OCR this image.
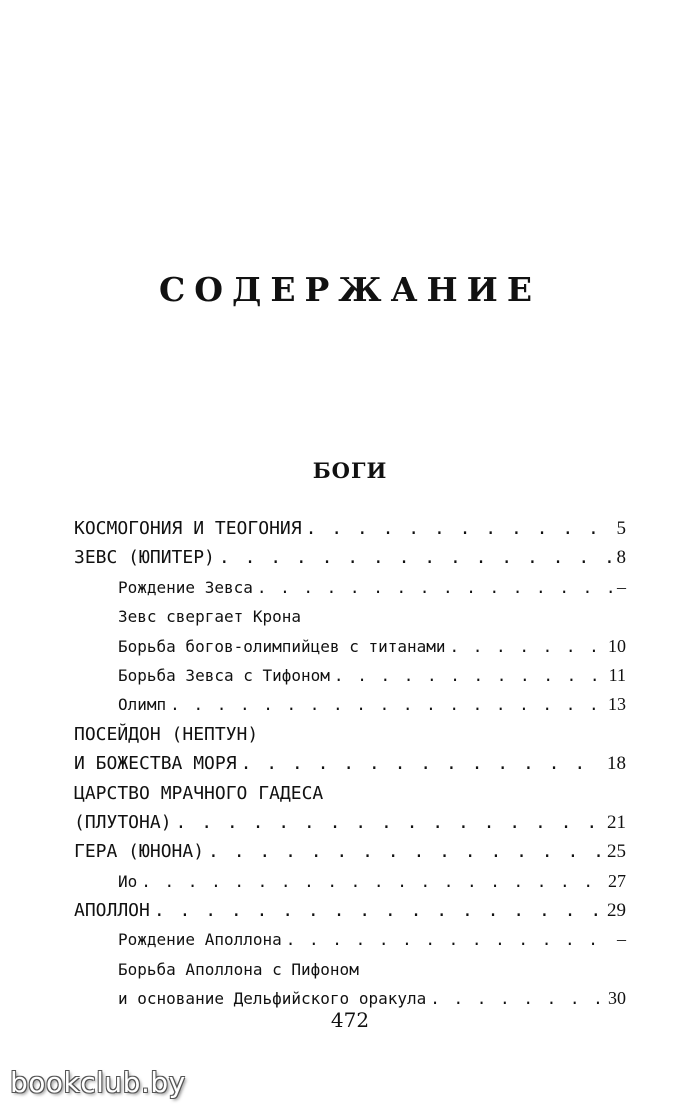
СОДЕРЖАНИЕ
БОГИ
КОСМОГОНИЯ И ТЕОГОНИЯ . . .	5
ЗЕВС (ЮПИТЕР) . . .	8
Рождение Зевса . . .	–
Зевс свергает Крона
Борьба богов-олимпийцев с титанами . . .	10
Борьба Зевса с Тифоном . . .	11
Олимп . . .	13
ПОСЕЙДОН (НЕПТУН)
И БОЖЕСТВА МОРЯ . . .	18
ЦАРСТВО МРАЧНОГО ГАДЕСА
(ПЛУТОНА) . . .	21
ГЕРА (ЮНОНА) . . .	25
Ио . . .	27
АПОЛЛОН . . .	29
Рождение Аполлона . . .	–
Борьба Аполлона с Пифоном
и основание Дельфийского оракула . . .	30
472
bookclub.by
